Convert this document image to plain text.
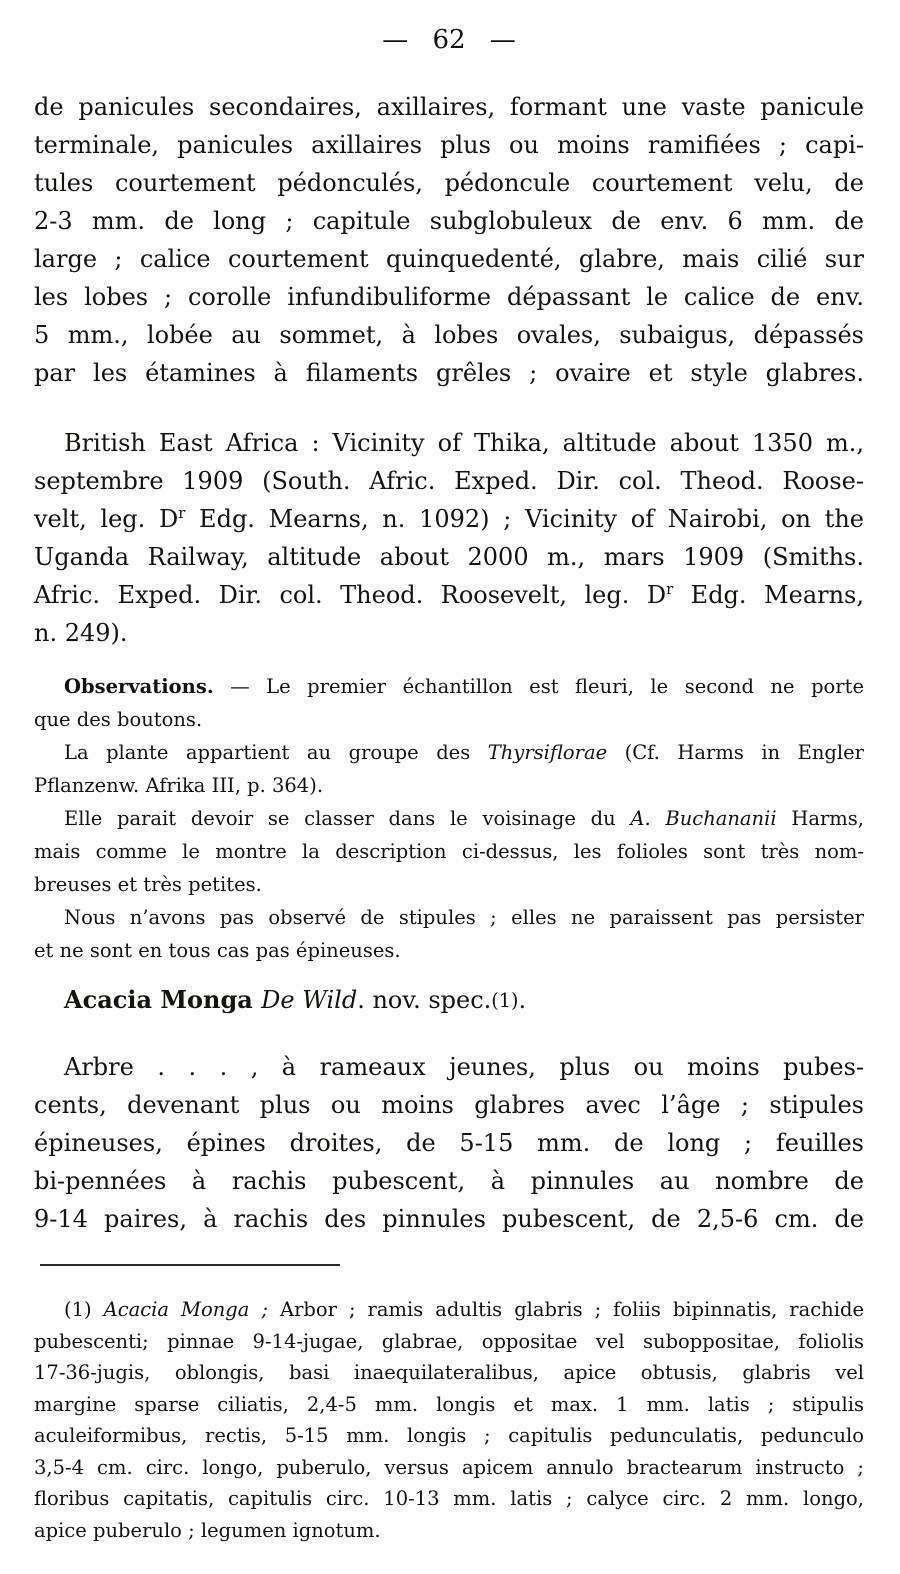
— 62 —
de panicules secondaires, axillaires, formant une vaste panicule
terminale, panicules axillaires plus ou moins ramifiées ; capi-
tules courtement pédonculés, pédoncule courtement velu, de
2-3 mm. de long ; capitule subglobuleux de env. 6 mm. de
large ; calice courtement quinquedenté, glabre, mais cilié sur
les lobes ; corolle infundibuliforme dépassant le calice de env.
5 mm., lobée au sommet, à lobes ovales, subaigus, dépassés
par les étamines à filaments grêles ; ovaire et style glabres.
British East Africa : Vicinity of Thika, altitude about 1350 m.,
septembre 1909 (South. Afric. Exped. Dir. col. Theod. Roose-
velt, leg. $D^r$ Edg. Mearns, n. 1092) ; Vicinity of Nairobi, on the
Uganda Railway, altitude about 2000 m., mars 1909 (Smiths.
Afric. Exped. Dir. col. Theod. Roosevelt, leg. $D^r$ Edg. Mearns,
n. 249).
Observations. — Le premier échantillon est fleuri, le second ne porte
que des boutons.
La plante appartient au groupe des Thyrsiflorae (Cf. Harms in Engler
Pflanzenw. Afrika III, p. 364).
Elle parait devoir se classer dans le voisinage du A. Buchananii Harms,
mais comme le montre la description ci-dessus, les folioles sont très nom-
breuses et très petites.
Nous n’avons pas observé de stipules ; elles ne paraissent pas persister
et ne sont en tous cas pas épineuses.
Acacia Monga De Wild. nov. spec.(1).
Arbre . . . , à rameaux jeunes, plus ou moins pubes-
cents, devenant plus ou moins glabres avec l’âge ; stipules
épineuses, épines droites, de 5-15 mm. de long ; feuilles
bi-pennées à rachis pubescent, à pinnules au nombre de
9-14 paires, à rachis des pinnules pubescent, de 2,5-6 cm. de
(1) Acacia Monga ; Arbor ; ramis adultis glabris ; foliis bipinnatis, rachide
pubescenti; pinnae 9-14-jugae, glabrae, oppositae vel suboppositae, foliolis
17-36-jugis, oblongis, basi inaequilateralibus, apice obtusis, glabris vel
margine sparse ciliatis, 2,4-5 mm. longis et max. 1 mm. latis ; stipulis
aculeiformibus, rectis, 5-15 mm. longis ; capitulis pedunculatis, pedunculo
3,5-4 cm. circ. longo, puberulo, versus apicem annulo bractearum instructo ;
floribus capitatis, capitulis circ. 10-13 mm. latis ; calyce circ. 2 mm. longo,
apice puberulo ; legumen ignotum.
